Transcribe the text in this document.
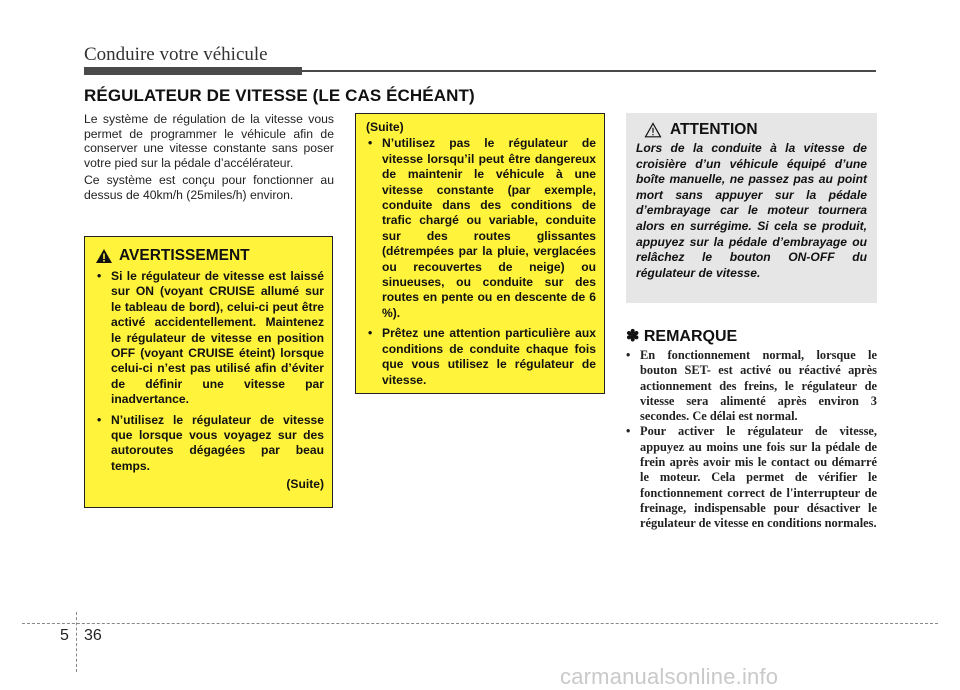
Conduire votre véhicule
RÉGULATEUR DE VITESSE (LE CAS ÉCHÉANT)

Le système de régulation de la vitesse vous permet de programmer le véhicule afin de conserver une vitesse constante sans poser votre pied sur la pédale d’accélérateur.

Ce système est conçu pour fonctionner au dessus de 40km/h (25miles/h) environ.

AVERTISSEMENT
• Si le régulateur de vitesse est laissé sur ON (voyant CRUISE allumé sur le tableau de bord), celui-ci peut être activé accidentellement. Maintenez le régulateur de vitesse en position OFF (voyant CRUISE éteint) lorsque celui-ci n’est pas utilisé afin d’éviter de définir une vitesse par inadvertance.
• N’utilisez le régulateur de vitesse que lorsque vous voyagez sur des autoroutes dégagées par beau temps.
(Suite)
(Suite)
• N’utilisez pas le régulateur de vitesse lorsqu’il peut être dangereux de maintenir le véhicule à une vitesse constante (par exemple, conduite dans des conditions de trafic chargé ou variable, conduite sur des routes glissantes (détrempées par la pluie, verglacées ou recouvertes de neige) ou sinueuses, ou conduite sur des routes en pente ou en descente de 6 %).
• Prêtez une attention particulière aux conditions de conduite chaque fois que vous utilisez le régulateur de vitesse.
ATTENTION
Lors de la conduite à la vitesse de croisière d’un véhicule équipé d’une boîte manuelle, ne passez pas au point mort sans appuyer sur la pédale d’embrayage car le moteur tournera alors en surrégime. Si cela se produit, appuyez sur la pédale d’embrayage ou relâchez le bouton ON-OFF du régulateur de vitesse.
✽ REMARQUE
• En fonctionnement normal, lorsque le bouton SET- est activé ou réactivé après actionnement des freins, le régulateur de vitesse sera alimenté après environ 3 secondes. Ce délai est normal.
• Pour activer le régulateur de vitesse, appuyez au moins une fois sur la pédale de frein après avoir mis le contact ou démarré le moteur. Cela permet de vérifier le fonctionnement correct de l'interrupteur de freinage, indispensable pour désactiver le régulateur de vitesse en conditions normales.
5 36
carmanualsonline.info
